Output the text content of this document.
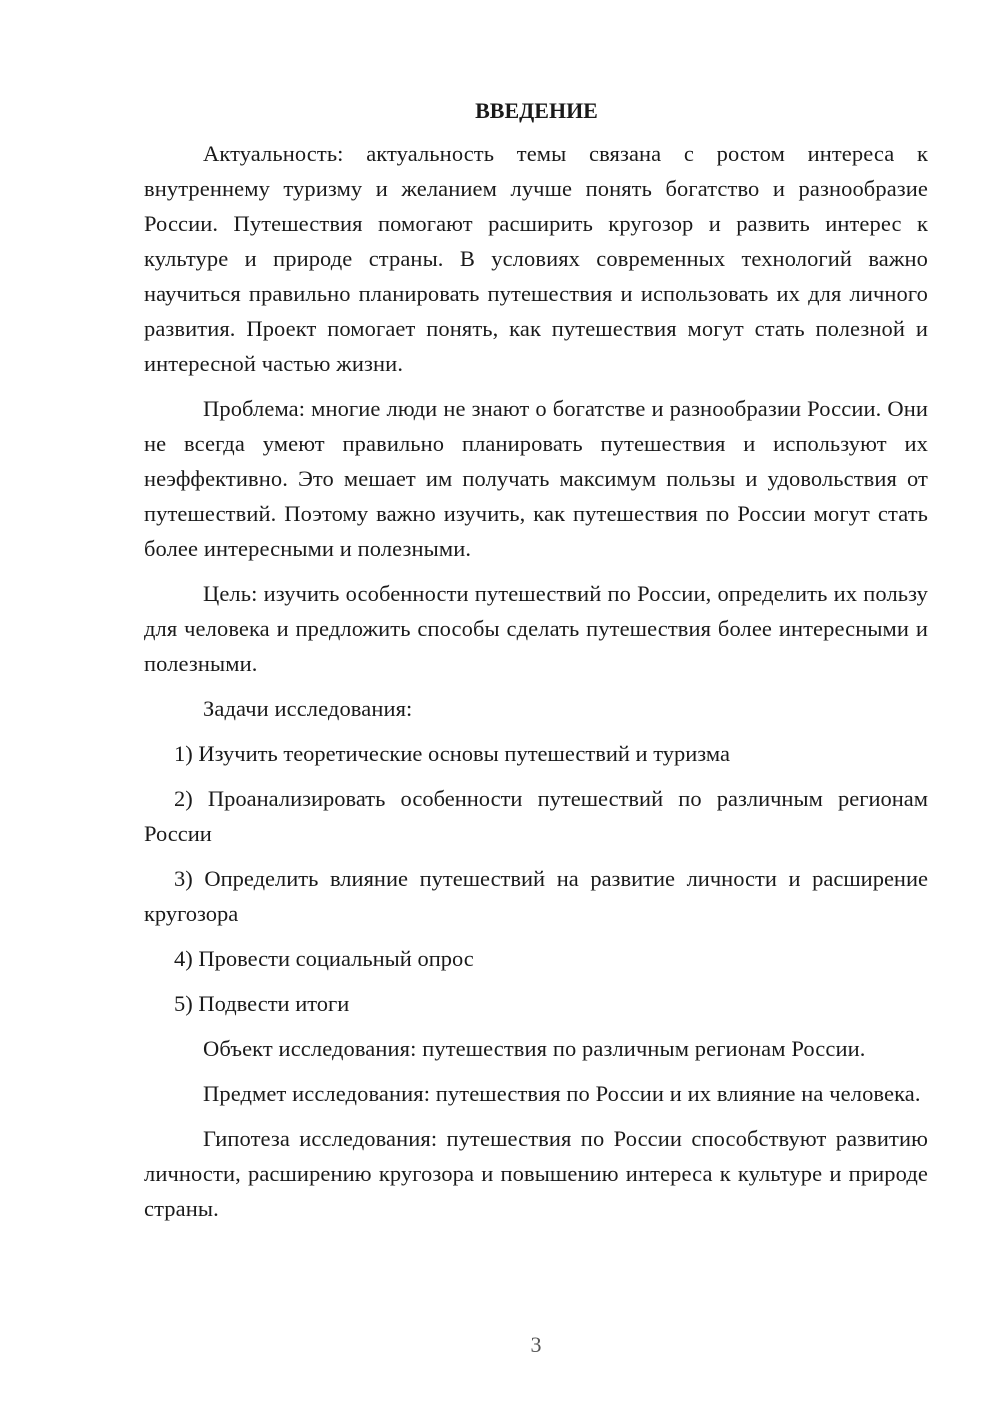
ВВЕДЕНИЕ

Актуальность: актуальность темы связана с ростом интереса к внутреннему туризму и желанием лучше понять богатство и разнообразие России. Путешествия помогают расширить кругозор и развить интерес к культуре и природе страны. В условиях современных технологий важно научиться правильно планировать путешествия и использовать их для личного развития. Проект помогает понять, как путешествия могут стать полезной и интересной частью жизни.

Проблема: многие люди не знают о богатстве и разнообразии России. Они не всегда умеют правильно планировать путешествия и используют их неэффективно. Это мешает им получать максимум пользы и удовольствия от путешествий. Поэтому важно изучить, как путешествия по России могут стать более интересными и полезными.

Цель: изучить особенности путешествий по России, определить их пользу для человека и предложить способы сделать путешествия более интересными и полезными.

Задачи исследования:

1) Изучить теоретические основы путешествий и туризма

2) Проанализировать особенности путешествий по различным регионам России

3) Определить влияние путешествий на развитие личности и расширение кругозора

4) Провести социальный опрос

5) Подвести итоги

Объект исследования: путешествия по различным регионам России.

Предмет исследования: путешествия по России и их влияние на человека.

Гипотеза исследования: путешествия по России способствуют развитию личности, расширению кругозора и повышению интереса к культуре и природе страны.

3
